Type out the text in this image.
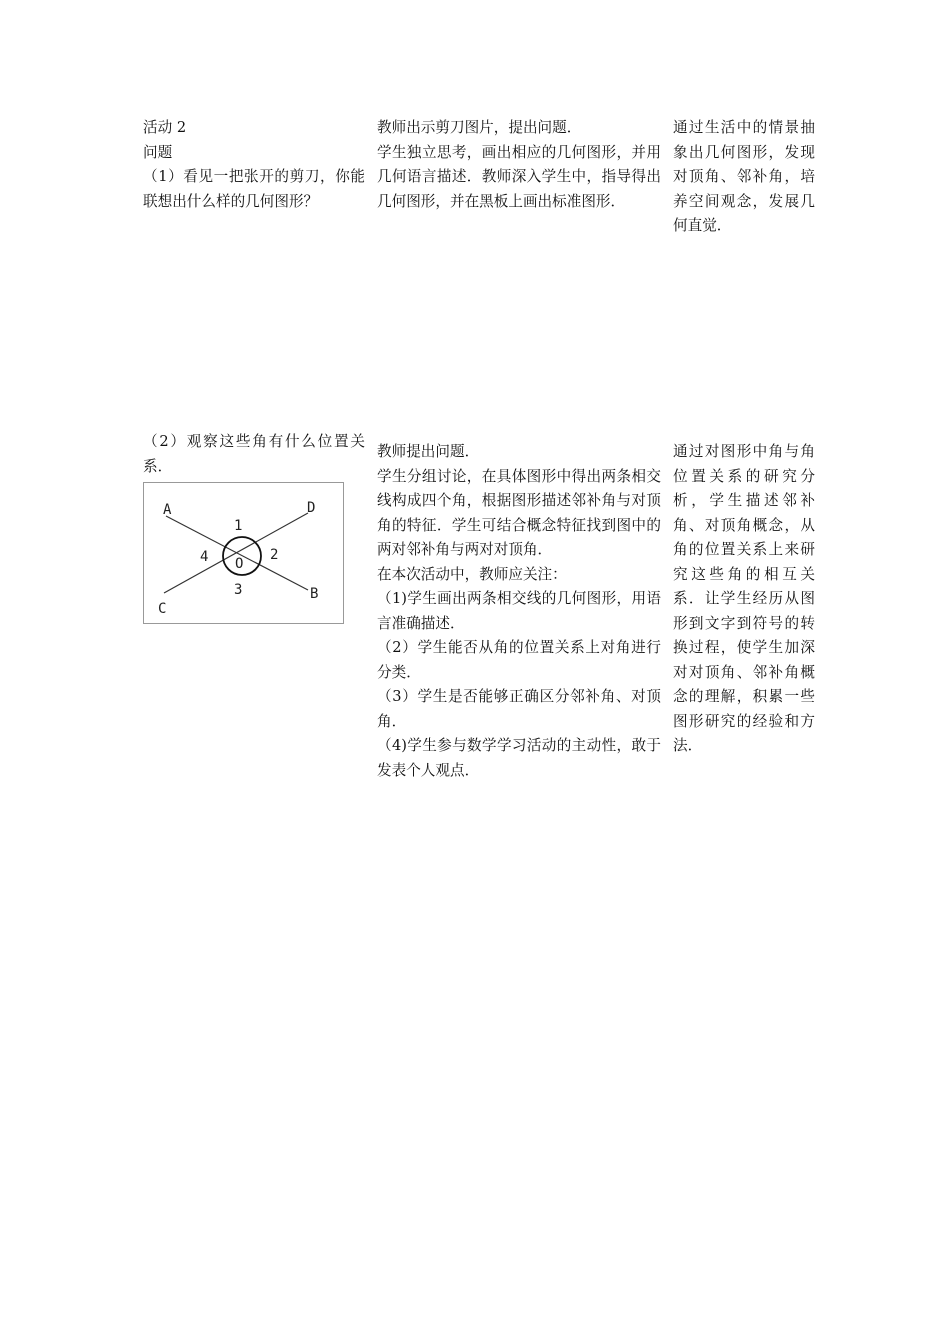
活动 2

问题

（1）看见一把张开的剪刀，你能联想出什么样的几何图形？

教师出示剪刀图片，提出问题．

学生独立思考，画出相应的几何图形，并用几何语言描述．教师深入学生中，指导得出几何图形，并在黑板上画出标准图形．

通过生活中的情景抽象出几何图形，发现对顶角、邻补角，培养空间观念，发展几何直觉．

（2）观察这些角有什么位置关系．

A	D
C
B
O
1
2
3
4

教师提出问题．

学生分组讨论，在具体图形中得出两条相交线构成四个角，根据图形描述邻补角与对顶角的特征．学生可结合概念特征找到图中的两对邻补角与两对对顶角．

在本次活动中，教师应关注：

（1)学生画出两条相交线的几何图形，用语言准确描述．

（2）学生能否从角的位置关系上对角进行分类．

（3）学生是否能够正确区分邻补角、对顶角．

（4)学生参与数学学习活动的主动性，敢于发表个人观点．

通过对图形中角与角位置关系的研究分析，学生描述邻补角、对顶角概念，从角的位置关系上来研究这些角的相互关系．让学生经历从图形到文字到符号的转换过程，使学生加深对对顶角、邻补角概念的理解，积累一些图形研究的经验和方法．
